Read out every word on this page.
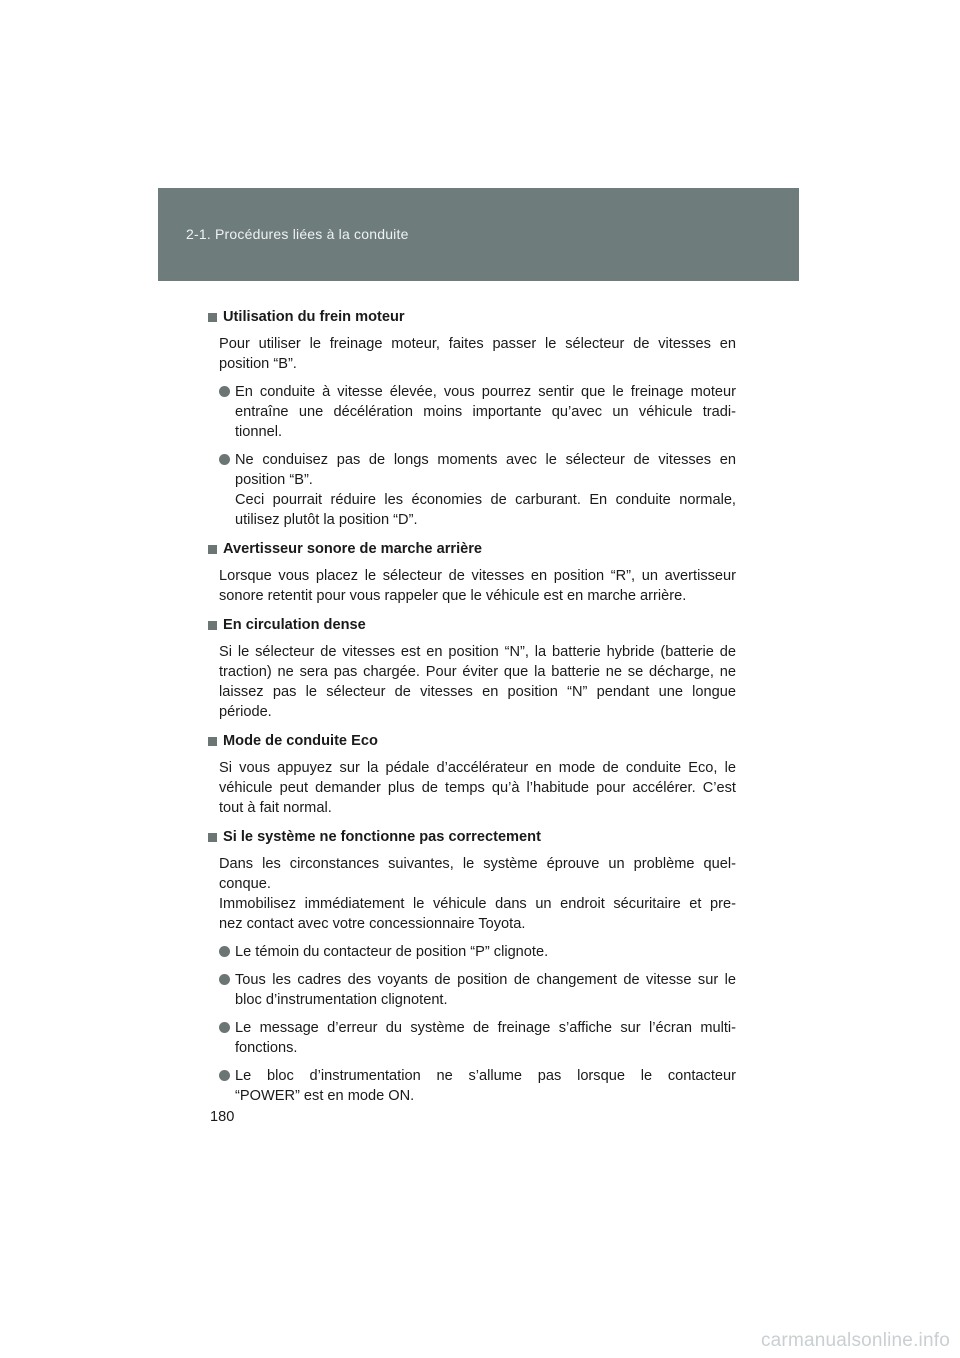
2-1. Procédures liées à la conduite
Utilisation du frein moteur
Pour utiliser le freinage moteur, faites passer le sélecteur de vitesses en
position “B”.
En conduite à vitesse élevée, vous pourrez sentir que le freinage moteur
entraîne une décélération moins importante qu’avec un véhicule tradi-
tionnel.
Ne conduisez pas de longs moments avec le sélecteur de vitesses en
position “B”.
Ceci pourrait réduire les économies de carburant. En conduite normale,
utilisez plutôt la position “D”.
Avertisseur sonore de marche arrière
Lorsque vous placez le sélecteur de vitesses en position “R”, un avertisseur
sonore retentit pour vous rappeler que le véhicule est en marche arrière.
En circulation dense
Si le sélecteur de vitesses est en position “N”, la batterie hybride (batterie de
traction) ne sera pas chargée. Pour éviter que la batterie ne se décharge, ne
laissez pas le sélecteur de vitesses en position “N” pendant une longue
période.
Mode de conduite Eco
Si vous appuyez sur la pédale d’accélérateur en mode de conduite Eco, le
véhicule peut demander plus de temps qu’à l’habitude pour accélérer. C’est
tout à fait normal.
Si le système ne fonctionne pas correctement
Dans les circonstances suivantes, le système éprouve un problème quel-
conque.
Immobilisez immédiatement le véhicule dans un endroit sécuritaire et pre-
nez contact avec votre concessionnaire Toyota.
Le témoin du contacteur de position “P” clignote.
Tous les cadres des voyants de position de changement de vitesse sur le
bloc d’instrumentation clignotent.
Le message d’erreur du système de freinage s’affiche sur l’écran multi-
fonctions.
Le bloc d’instrumentation ne s’allume pas lorsque le contacteur
“POWER” est en mode ON.
180
carmanualsonline.info
